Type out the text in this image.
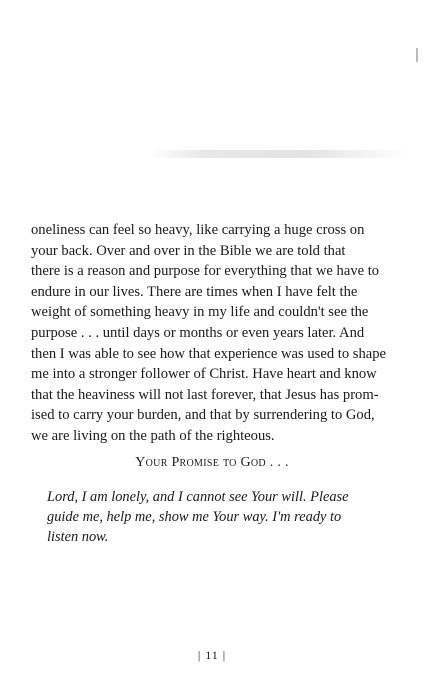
oneliness can feel so heavy, like carrying a huge cross on
your back. Over and over in the Bible we are told that
there is a reason and purpose for everything that we have to
endure in our lives. There are times when I have felt the
weight of something heavy in my life and couldn't see the
purpose . . . until days or months or even years later. And
then I was able to see how that experience was used to shape
me into a stronger follower of Christ. Have heart and know
that the heaviness will not last forever, that Jesus has prom-
ised to carry your burden, and that by surrendering to God,
we are living on the path of the righteous.

Your Promise to God . . .

Lord, I am lonely, and I cannot see Your will. Please
guide me, help me, show me Your way. I'm ready to
listen now.

| 11 |
